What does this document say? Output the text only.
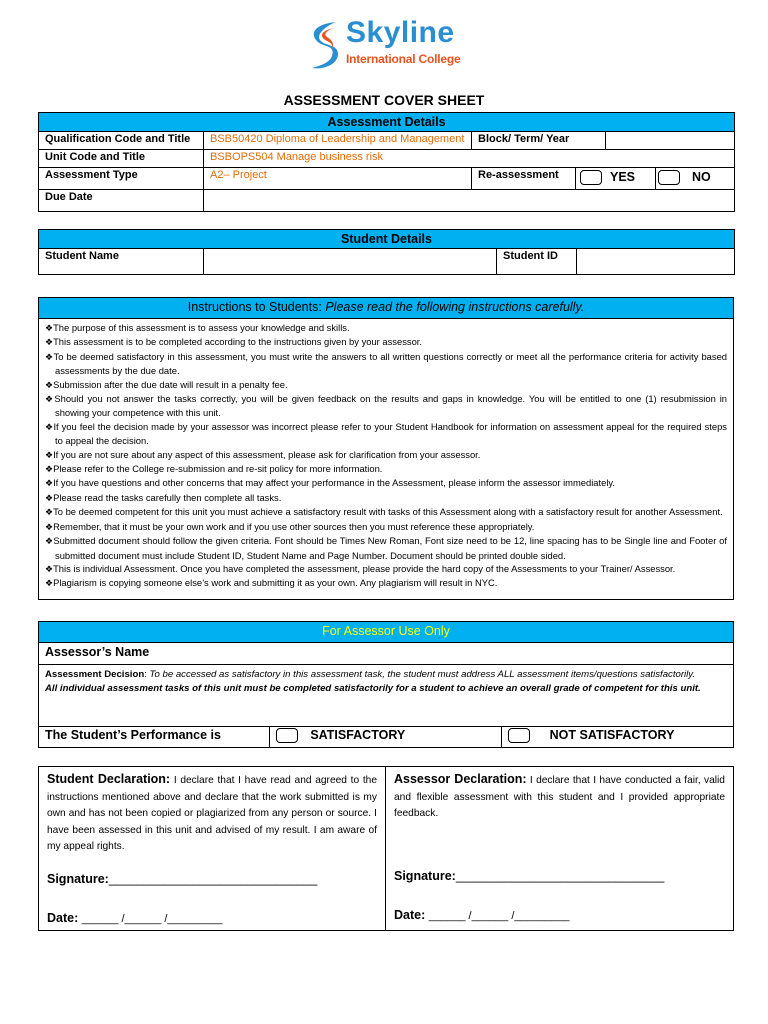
Skyline
International College
ASSESSMENT COVER SHEET
Assessment Details					
Qualification Code and Title	BSB50420 Diploma of Leadership and Management	Block/ Term/ Year			
Unit Code and Title	BSBOPS504 Manage business risk				
Assessment Type	A2– Project	Re-assessment	YES		NO
Due Date					
Student Details
Student Name		Student ID	
Instructions to Students: Please read the following instructions carefully.
❖The purpose of this assessment is to assess your knowledge and skills.
❖This assessment is to be completed according to the instructions given by your assessor.
❖To be deemed satisfactory in this assessment, you must write the answers to all written questions correctly or meet all the performance criteria for activity based assessments by the due date.
❖Submission after the due date will result in a penalty fee.
❖Should you not answer the tasks correctly, you will be given feedback on the results and gaps in knowledge. You will be entitled to one (1) resubmission in showing your competence with this unit.
❖If you feel the decision made by your assessor was incorrect please refer to your Student Handbook for information on assessment appeal for the required steps to appeal the decision.
❖If you are not sure about any aspect of this assessment, please ask for clarification from your assessor.
❖Please refer to the College re-submission and re-sit policy for more information.
❖If you have questions and other concerns that may affect your performance in the Assessment, please inform the assessor immediately.
❖Please read the tasks carefully then complete all tasks.
❖To be deemed competent for this unit you must achieve a satisfactory result with tasks of this Assessment along with a satisfactory result for another Assessment.
❖Remember, that it must be your own work and if you use other sources then you must reference these appropriately.
❖Submitted document should follow the given criteria. Font should be Times New Roman, Font size need to be 12, line spacing has to be Single line and Footer of submitted document must include Student ID, Student Name and Page Number. Document should be printed double sided.
❖This is individual Assessment. Once you have completed the assessment, please provide the hard copy of the Assessments to your Trainer/ Assessor.
❖Plagiarism is copying someone else’s work and submitting it as your own. Any plagiarism will result in NYC.
For Assessor Use Only
Assessor’s Name
Assessment Decision: To be accessed as satisfactory in this assessment task, the student must address ALL assessment items/questions satisfactorily.
All individual assessment tasks of this unit must be completed satisfactorily for a student to achieve an overall grade of competent for this unit.
The Student’s Performance is	SATISFACTORY	NOT SATISFACTORY
Student Declaration: I declare that I have read and agreed to the instructions mentioned above and declare that the work submitted is my own and has not been copied or plagiarized from any person or source. I have been assessed in this unit and advised of my result. I am aware of my appeal rights.
Signature:______________________________
Date: ______ /______ /_________
Assessor Declaration: I declare that I have conducted a fair, valid and flexible assessment with this student and I provided appropriate feedback.
Signature:______________________________
Date: ______ /______ /_________
